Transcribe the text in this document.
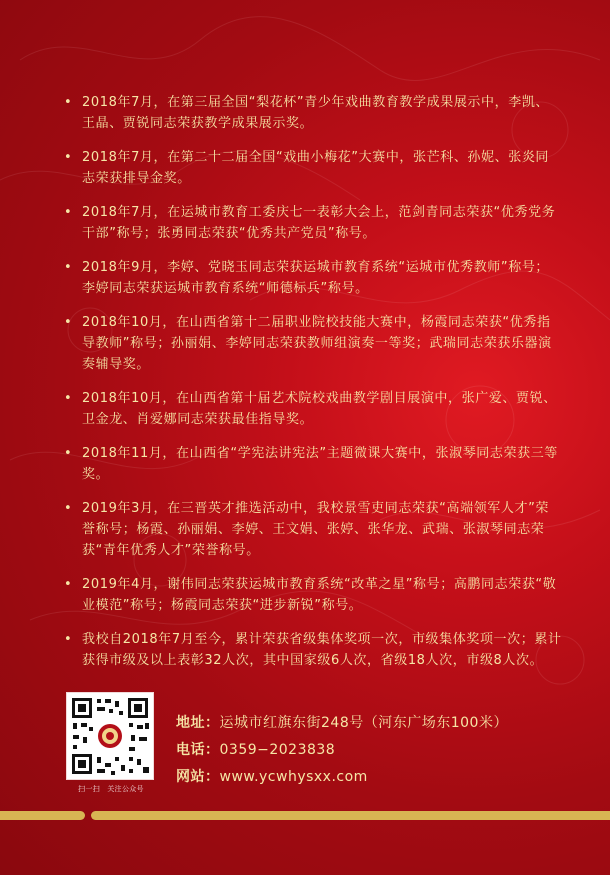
• 2018年7月，在第三届全国“梨花杯”青少年戏曲教育教学成果展示中，李凯、王晶、贾锐同志荣获教学成果展示奖。
• 2018年7月，在第二十二届全国“戏曲小梅花”大赛中，张芒科、孙妮、张炎同志荣获排导金奖。
• 2018年7月，在运城市教育工委庆七一表彰大会上，范剑青同志荣获“优秀党务干部”称号；张勇同志荣获“优秀共产党员”称号。
• 2018年9月，李婷、党晓玉同志荣获运城市教育系统“运城市优秀教师”称号；李婷同志荣获运城市教育系统“师德标兵”称号。
• 2018年10月，在山西省第十二届职业院校技能大赛中，杨霞同志荣获“优秀指导教师”称号；孙丽娟、李婷同志荣获教师组演奏一等奖；武瑞同志荣获乐器演奏辅导奖。
• 2018年10月，在山西省第十届艺术院校戏曲教学剧目展演中，张广爱、贾锐、卫金龙、肖爱娜同志荣获最佳指导奖。
• 2018年11月，在山西省“学宪法讲宪法”主题微课大赛中，张淑琴同志荣获三等奖。
• 2019年3月，在三晋英才推选活动中，我校景雪吏同志荣获“高端领军人才”荣誉称号；杨霞、孙丽娟、李婷、王文娟、张婷、张华龙、武瑞、张淑琴同志荣获“青年优秀人才”荣誉称号。
• 2019年4月，谢伟同志荣获运城市教育系统“改革之星”称号；高鹏同志荣获“敬业模范”称号；杨霞同志荣获“进步新锐”称号。
• 我校自2018年7月至今，累计荣获省级集体奖项一次，市级集体奖项一次；累计获得市级及以上表彰32人次，其中国家级6人次，省级18人次，市级8人次。
扫一扫　关注公众号
地址：运城市红旗东街248号（河东广场东100米）
电话：0359−2023838
网站：www.ycwhysxx.com
